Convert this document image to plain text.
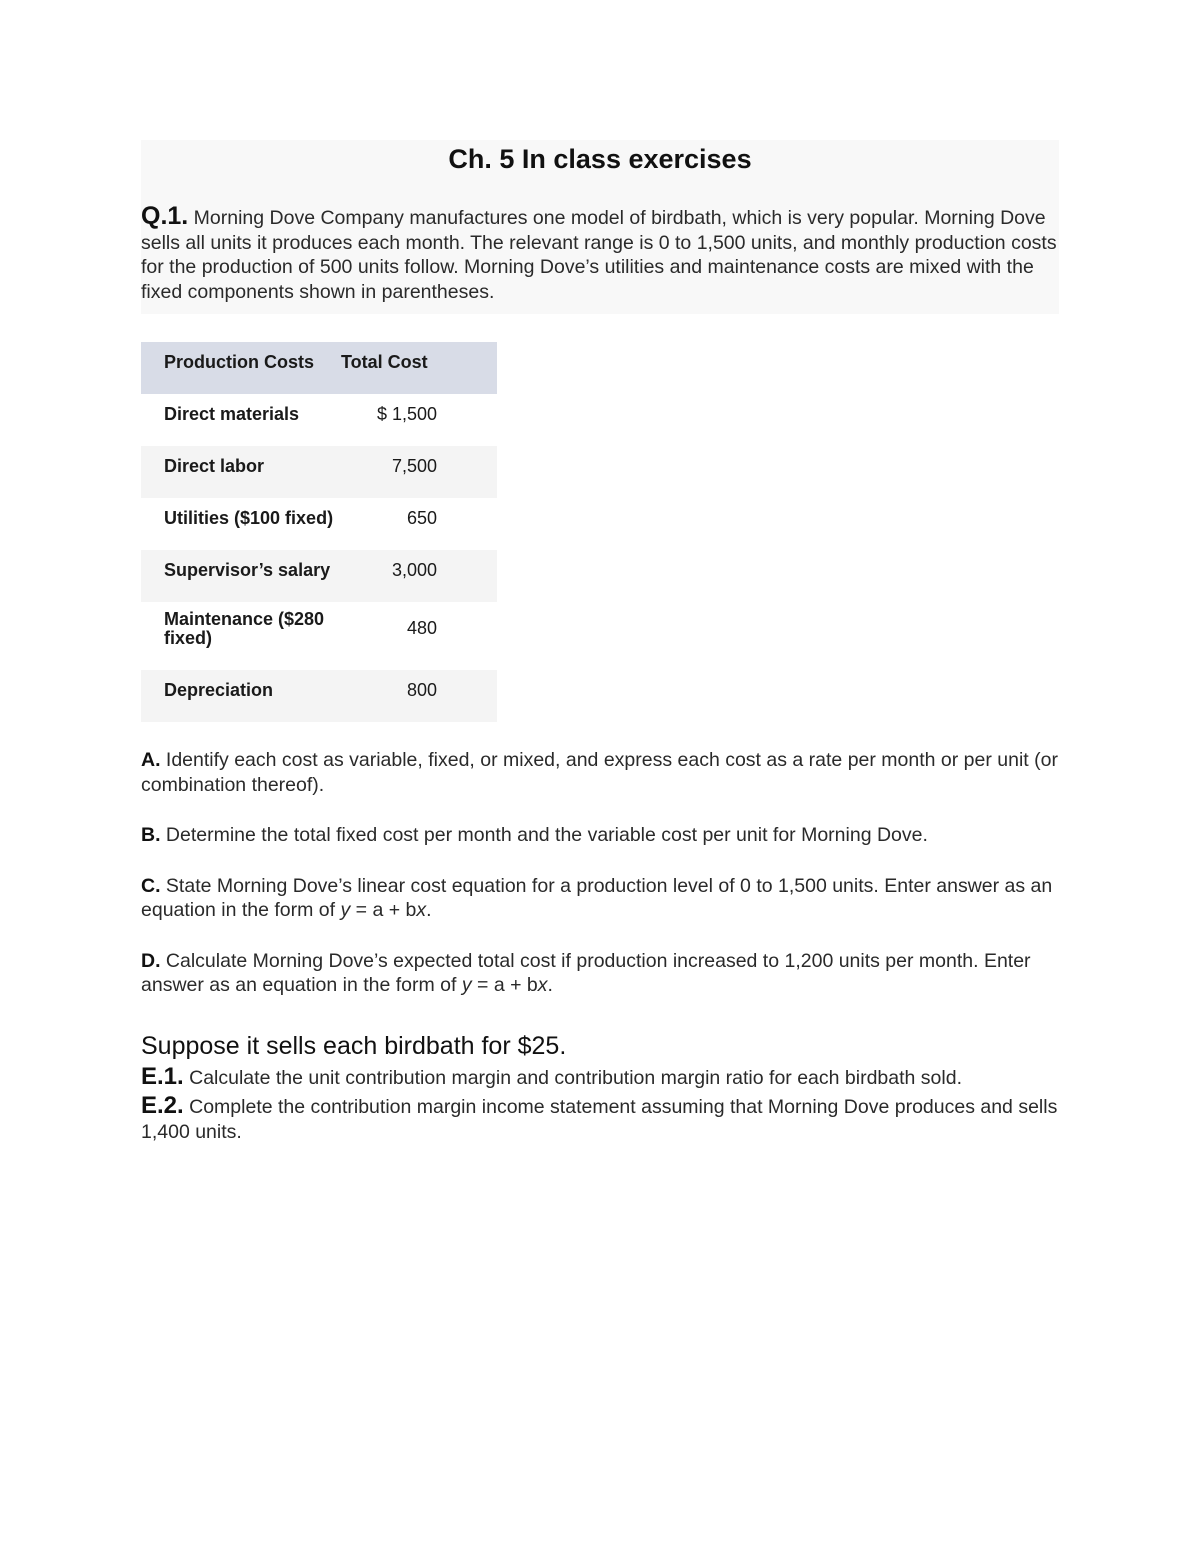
Ch. 5 In class exercises

Q.1. Morning Dove Company manufactures one model of birdbath, which is very popular. Morning Dove sells all units it produces each month. The relevant range is 0 to 1,500 units, and monthly production costs for the production of 500 units follow. Morning Dove’s utilities and maintenance costs are mixed with the fixed components shown in parentheses.

Production Costs	Total Cost
Direct materials	$ 1,500
Direct labor	7,500
Utilities ($100 fixed)	650
Supervisor’s salary	3,000

Maintenance ($280 fixed)	480
Depreciation	800

A. Identify each cost as variable, fixed, or mixed, and express each cost as a rate per month or per unit (or combination thereof).

B. Determine the total fixed cost per month and the variable cost per unit for Morning Dove.

C. State Morning Dove’s linear cost equation for a production level of 0 to 1,500 units. Enter answer as an equation in the form of y = a + bx.

D. Calculate Morning Dove’s expected total cost if production increased to 1,200 units per month. Enter answer as an equation in the form of y = a + bx.

Suppose it sells each birdbath for $25.

E.1. Calculate the unit contribution margin and contribution margin ratio for each birdbath sold.

E.2. Complete the contribution margin income statement assuming that Morning Dove produces and sells 1,400 units.
